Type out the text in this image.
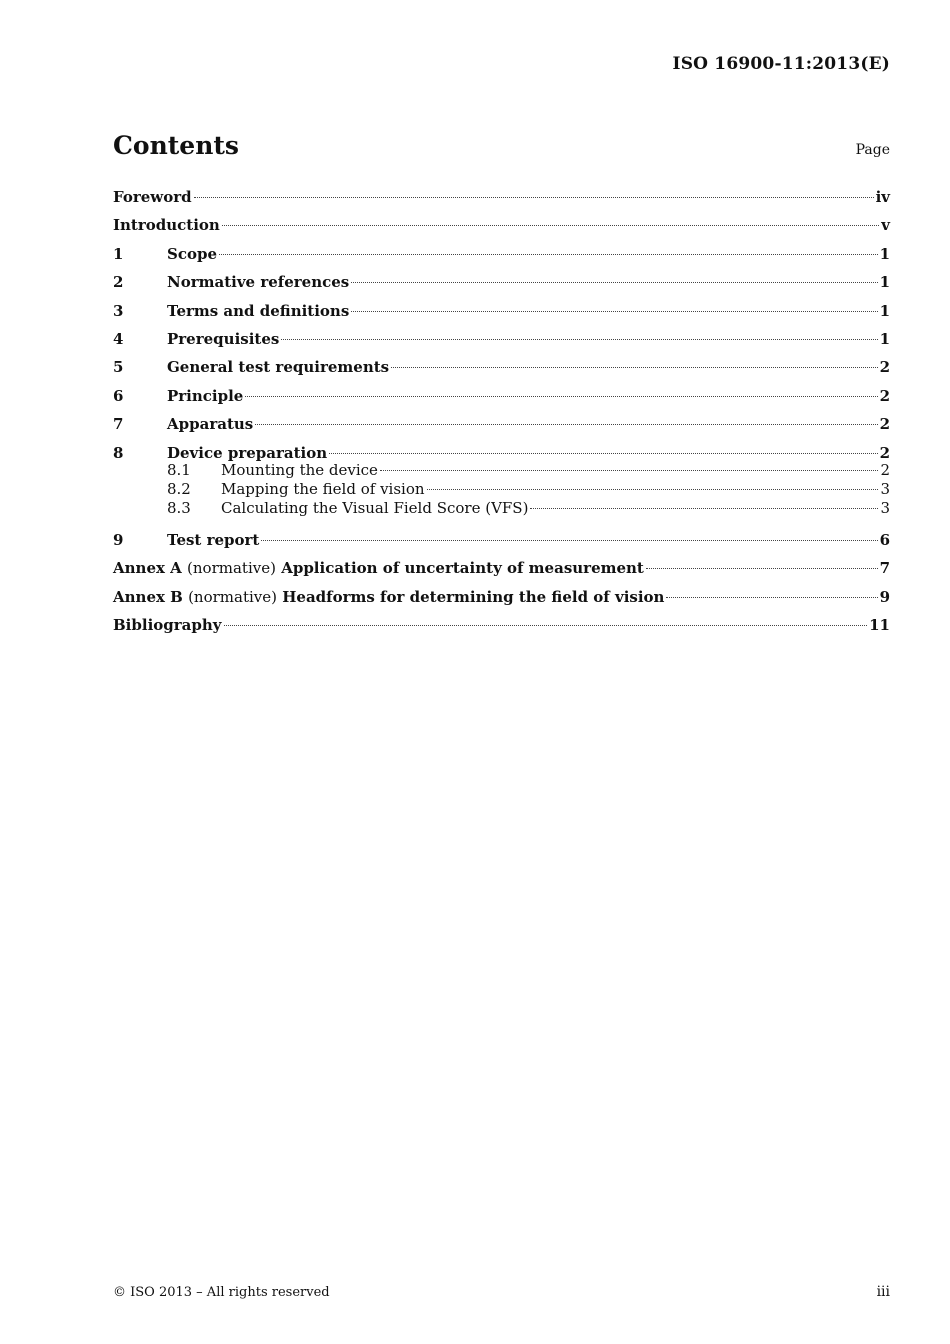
ISO 16900-11:2013(E)
Contents	Page
Foreword	iv
Introduction	v
1	Scope	1
2	Normative references	1
3	Terms and definitions	1
4	Prerequisites	1
5	General test requirements	2
6	Principle	2
7	Apparatus	2
8	Device preparation	2
8.1	Mounting the device	2
8.2	Mapping the field of vision	3
8.3	Calculating the Visual Field Score (VFS)	3
9	Test report	6
Annex A (normative) Application of uncertainty of measurement	7
Annex B (normative) Headforms for determining the field of vision	9
Bibliography	11
© ISO 2013 – All rights reserved	iii
